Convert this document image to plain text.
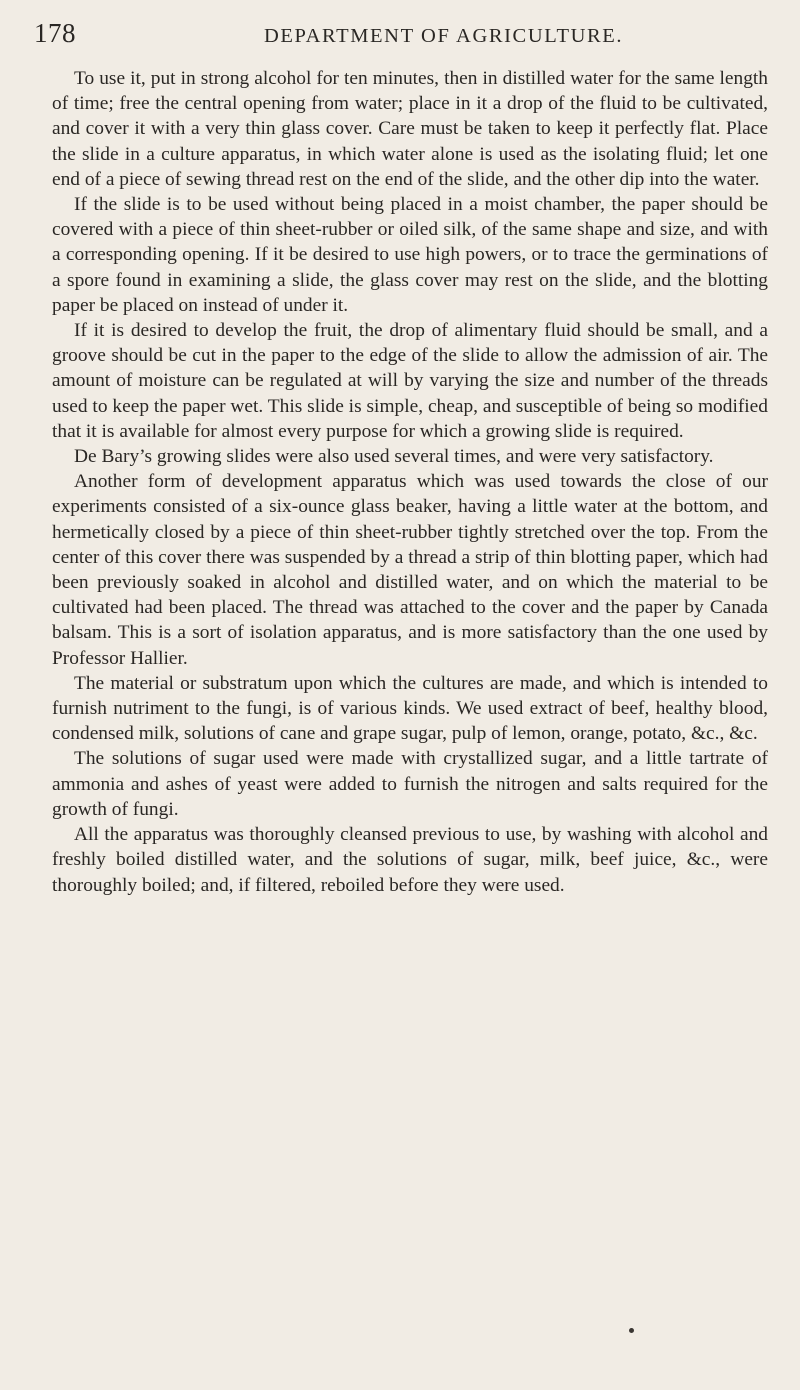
178	DEPARTMENT OF AGRICULTURE.

To use it, put in strong alcohol for ten minutes, then in distilled water for the same length of time; free the central opening from water; place in it a drop of the fluid to be cultivated, and cover it with a very thin glass cover. Care must be taken to keep it perfectly flat. Place the slide in a culture apparatus, in which water alone is used as the isolating fluid; let one end of a piece of sewing thread rest on the end of the slide, and the other dip into the water.

If the slide is to be used without being placed in a moist chamber, the paper should be covered with a piece of thin sheet-rubber or oiled silk, of the same shape and size, and with a corresponding opening. If it be desired to use high powers, or to trace the germinations of a spore found in examining a slide, the glass cover may rest on the slide, and the blotting paper be placed on instead of under it.

If it is desired to develop the fruit, the drop of alimentary fluid should be small, and a groove should be cut in the paper to the edge of the slide to allow the admission of air. The amount of moisture can be regulated at will by varying the size and number of the threads used to keep the paper wet. This slide is simple, cheap, and susceptible of being so modified that it is available for almost every purpose for which a growing slide is required.

De Bary’s growing slides were also used several times, and were very satisfactory.

Another form of development apparatus which was used towards the close of our experiments consisted of a six-ounce glass beaker, having a little water at the bottom, and hermetically closed by a piece of thin sheet-rubber tightly stretched over the top. From the center of this cover there was suspended by a thread a strip of thin blotting paper, which had been previously soaked in alcohol and distilled water, and on which the material to be cultivated had been placed. The thread was attached to the cover and the paper by Canada balsam. This is a sort of isolation apparatus, and is more satisfactory than the one used by Professor Hallier.

The material or substratum upon which the cultures are made, and which is intended to furnish nutriment to the fungi, is of various kinds. We used extract of beef, healthy blood, condensed milk, solutions of cane and grape sugar, pulp of lemon, orange, potato, &c., &c.

The solutions of sugar used were made with crystallized sugar, and a little tartrate of ammonia and ashes of yeast were added to furnish the nitrogen and salts required for the growth of fungi.

All the apparatus was thoroughly cleansed previous to use, by washing with alcohol and freshly boiled distilled water, and the solutions of sugar, milk, beef juice, &c., were thoroughly boiled; and, if filtered, reboiled before they were used.
